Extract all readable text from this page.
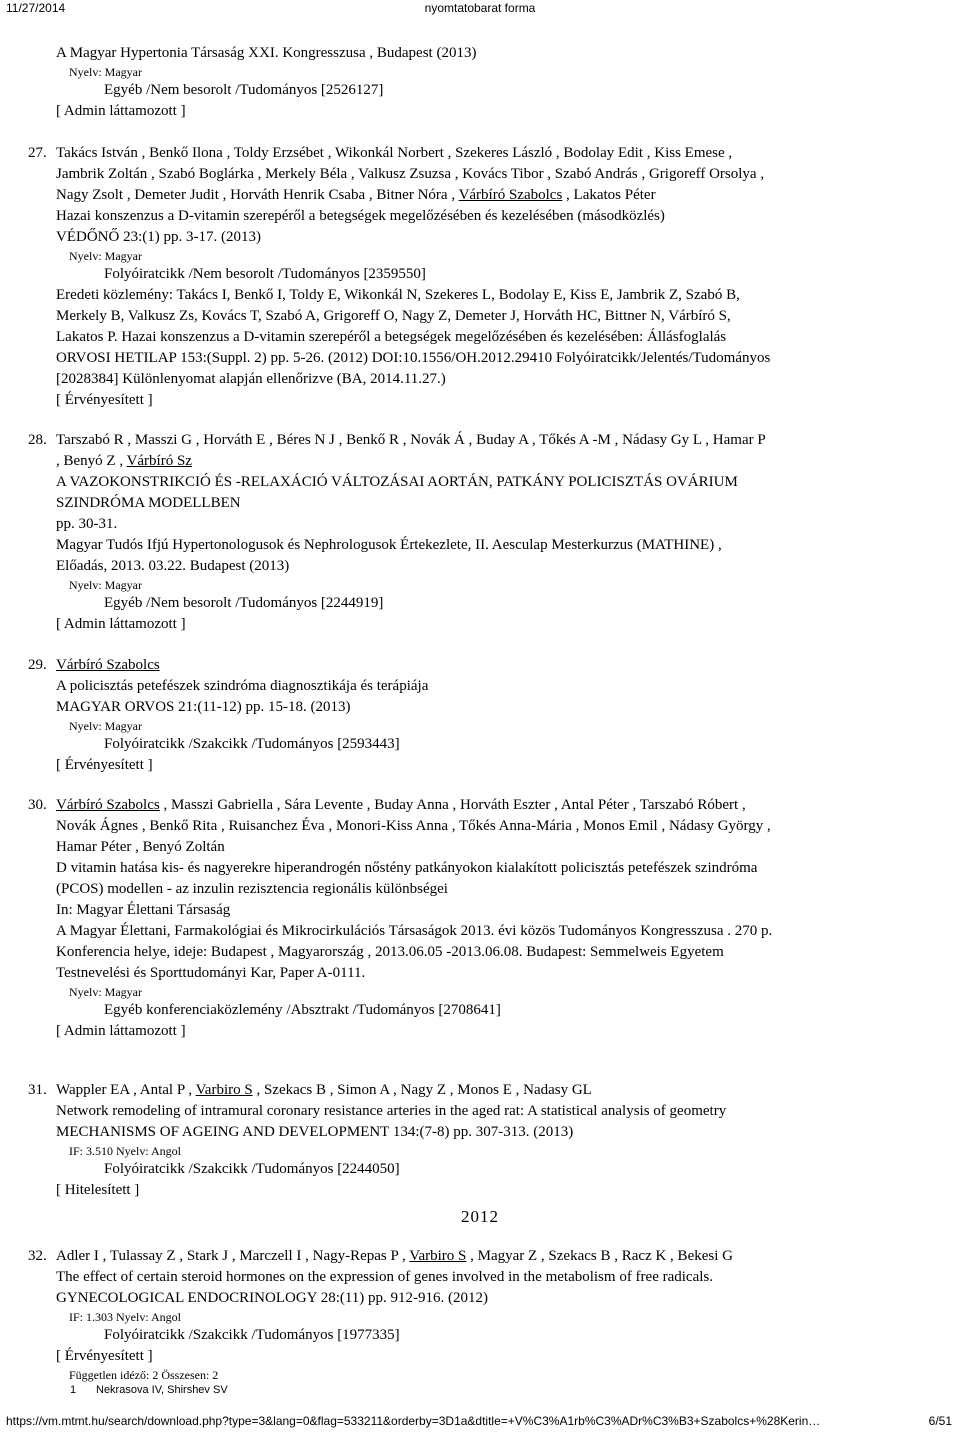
11/27/2014	nyomtatobarat forma
A Magyar Hypertonia Társaság XXI. Kongresszusa , Budapest (2013)
Nyelv: Magyar
Egyéb /Nem besorolt /Tudományos [2526127]
[ Admin láttamozott ]
27. Takács István , Benkő Ilona , Toldy Erzsébet , Wikonkál Norbert , Szekeres László , Bodolay Edit , Kiss Emese ,
Jambrik Zoltán , Szabó Boglárka , Merkely Béla , Valkusz Zsuzsa , Kovács Tibor , Szabó András , Grigoreff Orsolya ,
Nagy Zsolt , Demeter Judit , Horváth Henrik Csaba , Bitner Nóra , Várbíró Szabolcs , Lakatos Péter
Hazai konszenzus a D-vitamin szerepéről a betegségek megelőzésében és kezelésében (másodközlés)
VÉDŐNŐ 23:(1) pp. 3-17. (2013)
Nyelv: Magyar
Folyóiratcikk /Nem besorolt /Tudományos [2359550]
Eredeti közlemény: Takács I, Benkő I, Toldy E, Wikonkál N, Szekeres L, Bodolay E, Kiss E, Jambrik Z, Szabó B,
Merkely B, Valkusz Zs, Kovács T, Szabó A, Grigoreff O, Nagy Z, Demeter J, Horváth HC, Bittner N, Várbíró S,
Lakatos P. Hazai konszenzus a D-vitamin szerepéről a betegségek megelőzésében és kezelésében: Állásfoglalás
ORVOSI HETILAP 153:(Suppl. 2) pp. 5-26. (2012) DOI:10.1556/OH.2012.29410 Folyóiratcikk/Jelentés/Tudományos
[2028384] Különlenyomat alapján ellenőrizve (BA, 2014.11.27.)
[ Érvényesített ]
28. Tarszabó R , Masszi G , Horváth E , Béres N J , Benkő R , Novák Á , Buday A , Tőkés A -M , Nádasy Gy L , Hamar P
, Benyó Z , Várbíró Sz
A VAZOKONSTRIKCIÓ ÉS -RELAXÁCIÓ VÁLTOZÁSAI AORTÁN, PATKÁNY POLICISZTÁS OVÁRIUM
SZINDRÓMA MODELLBEN
pp. 30-31.
Magyar Tudós Ifjú Hypertonologusok és Nephrologusok Értekezlete, II. Aesculap Mesterkurzus (MATHINE) ,
Előadás, 2013. 03.22. Budapest (2013)
Nyelv: Magyar
Egyéb /Nem besorolt /Tudományos [2244919]
[ Admin láttamozott ]
29. Várbíró Szabolcs
A policisztás petefészek szindróma diagnosztikája és terápiája
MAGYAR ORVOS 21:(11-12) pp. 15-18. (2013)
Nyelv: Magyar
Folyóiratcikk /Szakcikk /Tudományos [2593443]
[ Érvényesített ]
30. Várbíró Szabolcs , Masszi Gabriella , Sára Levente , Buday Anna , Horváth Eszter , Antal Péter , Tarszabó Róbert ,
Novák Ágnes , Benkő Rita , Ruisanchez Éva , Monori-Kiss Anna , Tőkés Anna-Mária , Monos Emil , Nádasy György ,
Hamar Péter , Benyó Zoltán
D vitamin hatása kis- és nagyerekre hiperandrogén nőstény patkányokon kialakított policisztás petefészek szindróma
(PCOS) modellen - az inzulin rezisztencia regionális különbségei
In: Magyar Élettani Társaság
A Magyar Élettani, Farmakológiai és Mikrocirkulációs Társaságok 2013. évi közös Tudományos Kongresszusa . 270 p.
Konferencia helye, ideje: Budapest , Magyarország , 2013.06.05 -2013.06.08. Budapest: Semmelweis Egyetem
Testnevelési és Sporttudományi Kar, Paper A-0111.
Nyelv: Magyar
Egyéb konferenciaközlemény /Absztrakt /Tudományos [2708641]
[ Admin láttamozott ]
31. Wappler EA , Antal P , Varbiro S , Szekacs B , Simon A , Nagy Z , Monos E , Nadasy GL
Network remodeling of intramural coronary resistance arteries in the aged rat: A statistical analysis of geometry
MECHANISMS OF AGEING AND DEVELOPMENT 134:(7-8) pp. 307-313. (2013)
IF: 3.510 Nyelv: Angol
Folyóiratcikk /Szakcikk /Tudományos [2244050]
[ Hitelesített ]
2012
32. Adler I , Tulassay Z , Stark J , Marczell I , Nagy-Repas P , Varbiro S , Magyar Z , Szekacs B , Racz K , Bekesi G
The effect of certain steroid hormones on the expression of genes involved in the metabolism of free radicals.
GYNECOLOGICAL ENDOCRINOLOGY 28:(11) pp. 912-916. (2012)
IF: 1.303 Nyelv: Angol
Folyóiratcikk /Szakcikk /Tudományos [1977335]
[ Érvényesített ]
Független idéző: 2 Összesen: 2
1 Nekrasova IV, Shirshev SV
https://vm.mtmt.hu/search/download.php?type=3&lang=0&flag=533211&orderby=3D1a&dtitle=+V%C3%A1rb%C3%ADr%C3%B3+Szabolcs+%28Kerin…	6/51
